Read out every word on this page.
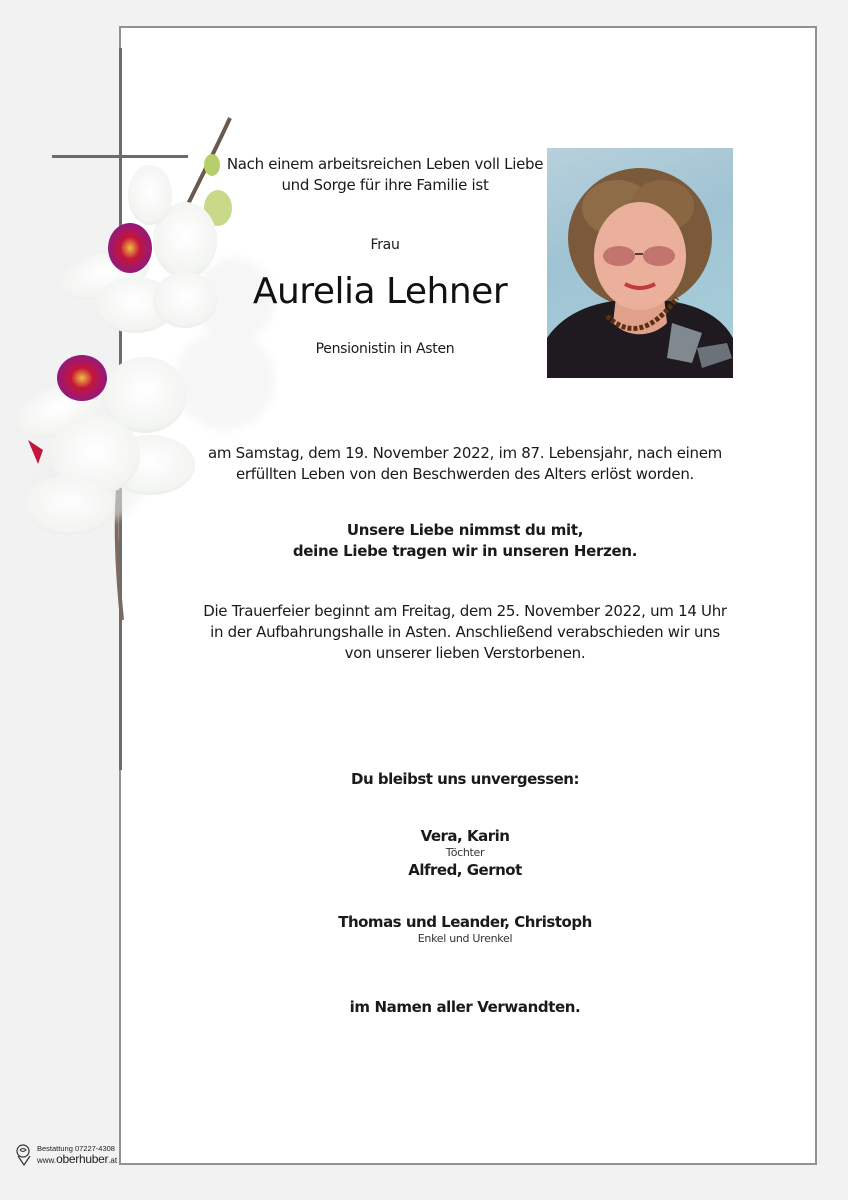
Nach einem arbeitsreichen Leben voll Liebe
und Sorge für ihre Familie ist
Frau
Aurelia Lehner
Pensionistin in Asten
am Samstag, dem 19. November 2022, im 87. Lebensjahr, nach einem
erfüllten Leben von den Beschwerden des Alters erlöst worden.
Unsere Liebe nimmst du mit,
deine Liebe tragen wir in unseren Herzen.
Die Trauerfeier beginnt am Freitag, dem 25. November 2022, um 14 Uhr
in der Aufbahrungshalle in Asten. Anschließend verabschieden wir uns
von unserer lieben Verstorbenen.
Du bleibst uns unvergessen:
Vera, Karin
Töchter
Alfred, Gernot
Thomas und Leander, Christoph
Enkel und Urenkel
im Namen aller Verwandten.
Bestattung 07227-4308
www.oberhuber.at
